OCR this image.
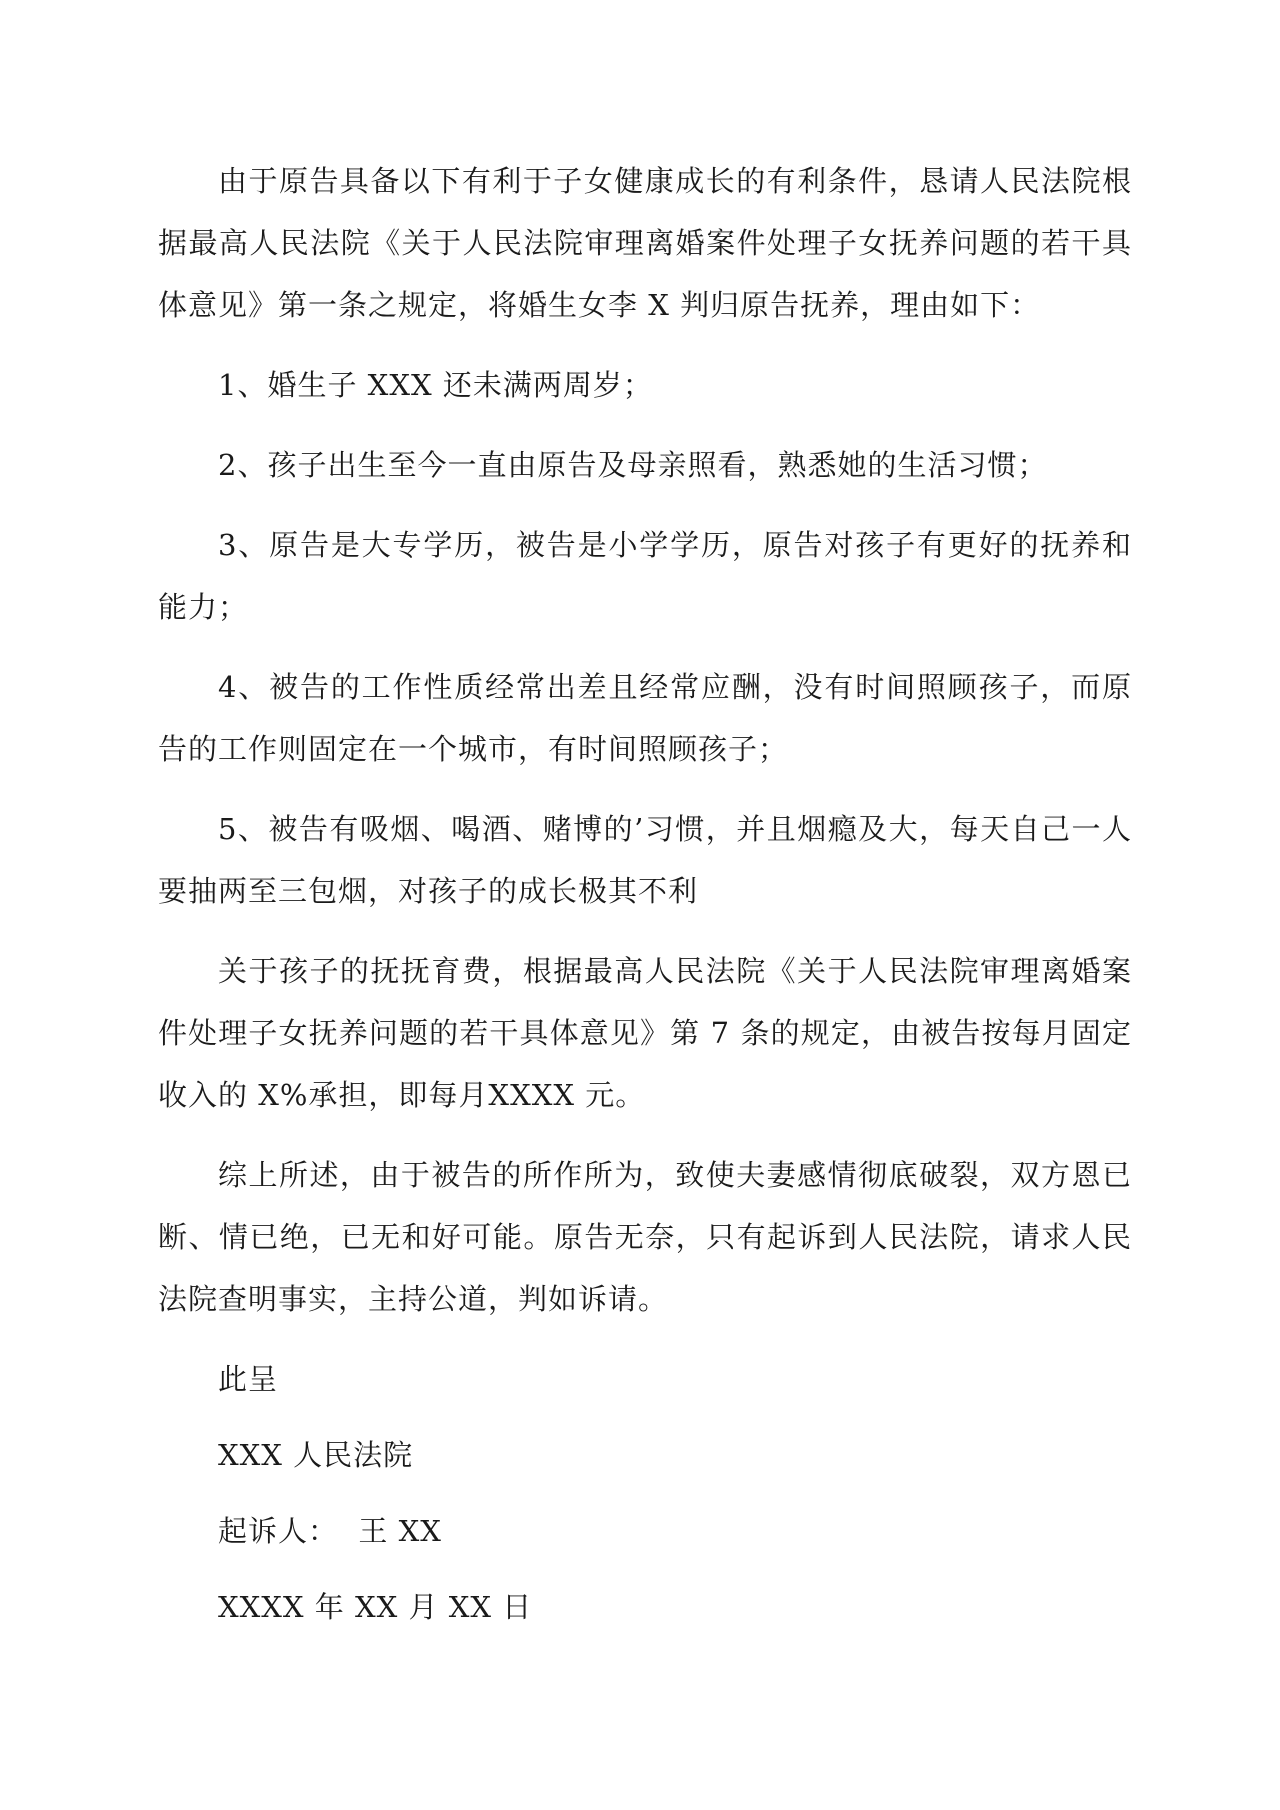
由于原告具备以下有利于子女健康成长的有利条件，恳请人民法院根据最高人民法院《关于人民法院审理离婚案件处理子女抚养问题的若干具体意见》第一条之规定，将婚生女李 X 判归原告抚养，理由如下：

1、婚生子 XXX 还未满两周岁；

2、孩子出生至今一直由原告及母亲照看，熟悉她的生活习惯；

3、原告是大专学历，被告是小学学历，原告对孩子有更好的抚养和能力；

4、被告的工作性质经常出差且经常应酬，没有时间照顾孩子，而原告的工作则固定在一个城市，有时间照顾孩子；

5、被告有吸烟、喝酒、赌博的’习惯，并且烟瘾及大，每天自己一人要抽两至三包烟，对孩子的成长极其不利

关于孩子的抚抚育费，根据最高人民法院《关于人民法院审理离婚案件处理子女抚养问题的若干具体意见》第 7 条的规定，由被告按每月固定收入的 X%承担，即每月XXXX 元。

综上所述，由于被告的所作所为，致使夫妻感情彻底破裂，双方恩已断、情已绝，已无和好可能。原告无奈，只有起诉到人民法院，请求人民法院查明事实，主持公道，判如诉请。

此呈

XXX 人民法院

起诉人：  王 XX

XXXX 年 XX 月 XX 日
